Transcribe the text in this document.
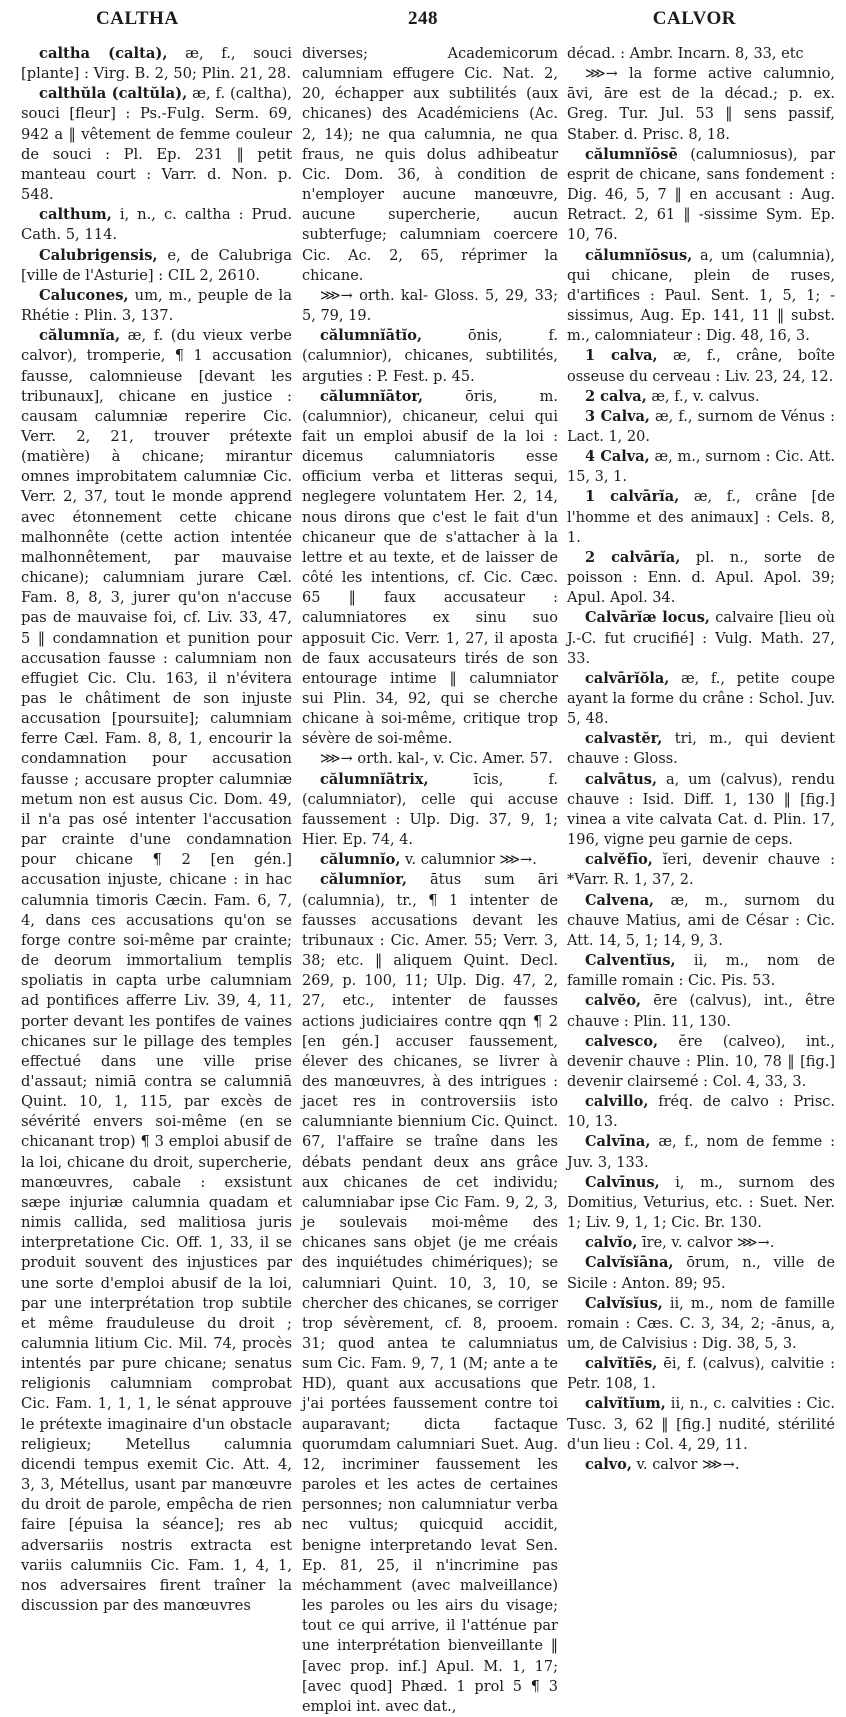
CALTHA	248	CALVOR

caltha (calta), æ, f., souci [plante] : Virg. B. 2, 50; Plin. 21, 28.

calthŭla (caltŭla), æ, f. (caltha), souci [fleur] : Ps.-Fulg. Serm. 69, 942 a ‖ vêtement de femme couleur de souci : Pl. Ep. 231 ‖ petit manteau court : Varr. d. Non. p. 548.

calthum, i, n., c. caltha : Prud. Cath. 5, 114.

Calubrigensis, e, de Calubriga [ville de l'Asturie] : CIL 2, 2610.

Calucones, um, m., peuple de la Rhétie : Plin. 3, 137.

călumnĭa, æ, f. (du vieux verbe calvor), tromperie, ¶ 1 accusation fausse, calomnieuse [devant les tribunaux], chicane en justice : causam calumniæ reperire Cic. Verr. 2, 21, trouver prétexte (matière) à chicane; mirantur omnes improbitatem calumniæ Cic. Verr. 2, 37, tout le monde apprend avec étonnement cette chicane malhonnête (cette action intentée malhonnêtement, par mauvaise chicane); calumniam jurare Cæl. Fam. 8, 8, 3, jurer qu'on n'accuse pas de mauvaise foi, cf. Liv. 33, 47, 5 ‖ condamnation et punition pour accusation fausse : calumniam non effugiet Cic. Clu. 163, il n'évitera pas le châtiment de son injuste accusation [poursuite]; calumniam ferre Cæl. Fam. 8, 8, 1, encourir la condamnation pour accusation fausse ; accusare propter calumniæ metum non est ausus Cic. Dom. 49, il n'a pas osé intenter l'accusation par crainte d'une condamnation pour chicane ¶ 2 [en gén.] accusation injuste, chicane : in hac calumnia timoris Cæcin. Fam. 6, 7, 4, dans ces accusations qu'on se forge contre soi-même par crainte; de deorum immortalium templis spoliatis in capta urbe calumniam ad pontifices afferre Liv. 39, 4, 11, porter devant les pontifes de vaines chicanes sur le pillage des temples effectué dans une ville prise d'assaut; nimiā contra se calumniā Quint. 10, 1, 115, par excès de sévérité envers soi-même (en se chicanant trop) ¶ 3 emploi abusif de la loi, chicane du droit, supercherie, manœuvres, cabale : exsistunt sæpe injuriæ calumnia quadam et nimis callida, sed malitiosa juris interpretatione Cic. Off. 1, 33, il se produit souvent des injustices par une sorte d'emploi abusif de la loi, par une interprétation trop subtile et même frauduleuse du droit ; calumnia litium Cic. Mil. 74, procès intentés par pure chicane; senatus religionis calumniam comprobat Cic. Fam. 1, 1, 1, le sénat approuve le prétexte imaginaire d'un obstacle religieux; Metellus calumnia dicendi tempus exemit Cic. Att. 4, 3, 3, Métellus, usant par manœuvre du droit de parole, empêcha de rien faire [épuisa la séance]; res ab adversariis nostris extracta est variis calumniis Cic. Fam. 1, 4, 1, nos adversaires firent traîner la discussion par des manœuvres

diverses; Academicorum calumniam effugere Cic. Nat. 2, 20, échapper aux subtilités (aux chicanes) des Académiciens (Ac. 2, 14); ne qua calumnia, ne qua fraus, ne quis dolus adhibeatur Cic. Dom. 36, à condition de n'employer aucune manœuvre, aucune supercherie, aucun subterfuge; calumniam coercere Cic. Ac. 2, 65, réprimer la chicane.

⋙→ orth. kal- Gloss. 5, 29, 33; 5, 79, 19.

călumnĭātĭo, ōnis, f. (calumnior), chicanes, subtilités, arguties : P. Fest. p. 45.

călumnĭātor, ōris, m. (calumnior), chicaneur, celui qui fait un emploi abusif de la loi : dicemus calumniatoris esse officium verba et litteras sequi, neglegere voluntatem Her. 2, 14, nous dirons que c'est le fait d'un chicaneur que de s'attacher à la lettre et au texte, et de laisser de côté les intentions, cf. Cic. Cæc. 65 ‖ faux accusateur : calumniatores ex sinu suo apposuit Cic. Verr. 1, 27, il aposta de faux accusateurs tirés de son entourage intime ‖ calumniator sui Plin. 34, 92, qui se cherche chicane à soi-même, critique trop sévère de soi-même.

⋙→ orth. kal-, v. Cic. Amer. 57.

călumnĭātrix, īcis, f. (calumniator), celle qui accuse faussement : Ulp. Dig. 37, 9, 1; Hier. Ep. 74, 4.

călumnĭo, v. calumnior ⋙→.

călumnĭor, ātus sum āri (calumnia), tr., ¶ 1 intenter de fausses accusations devant les tribunaux : Cic. Amer. 55; Verr. 3, 38; etc. ‖ aliquem Quint. Decl. 269, p. 100, 11; Ulp. Dig. 47, 2, 27, etc., intenter de fausses actions judiciaires contre qqn ¶ 2 [en gén.] accuser faussement, élever des chicanes, se livrer à des manœuvres, à des intrigues : jacet res in controversiis isto calumniante biennium Cic. Quinct. 67, l'affaire se traîne dans les débats pendant deux ans grâce aux chicanes de cet individu; calumniabar ipse Cic Fam. 9, 2, 3, je soulevais moi-même des chicanes sans objet (je me créais des inquiétudes chimériques); se calumniari Quint. 10, 3, 10, se chercher des chicanes, se corriger trop sévèrement, cf. 8, prooem. 31; quod antea te calumniatus sum Cic. Fam. 9, 7, 1 (M; ante a te HD), quant aux accusations que j'ai portées faussement contre toi auparavant; dicta factaque quorumdam calumniari Suet. Aug. 12, incriminer faussement les paroles et les actes de certaines personnes; non calumniatur verba nec vultus; quicquid accidit, benigne interpretando levat Sen. Ep. 81, 25, il n'incrimine pas méchamment (avec malveillance) les paroles ou les airs du visage; tout ce qui arrive, il l'atténue par une interprétation bienveillante ‖ [avec prop. inf.] Apul. M. 1, 17; [avec quod] Phæd. 1 prol 5 ¶ 3 emploi int. avec dat.,

décad. : Ambr. Incarn. 8, 33, etc

⋙→ la forme active calumnio, āvi, āre est de la décad.; p. ex. Greg. Tur. Jul. 53 ‖ sens passif, Staber. d. Prisc. 8, 18.

călumnĭōsē (calumniosus), par esprit de chicane, sans fondement : Dig. 46, 5, 7 ‖ en accusant : Aug. Retract. 2, 61 ‖ -sissime Sym. Ep. 10, 76.

călumnĭōsus, a, um (calumnia), qui chicane, plein de ruses, d'artifices : Paul. Sent. 1, 5, 1; -sissimus, Aug. Ep. 141, 11 ‖ subst. m., calomniateur : Dig. 48, 16, 3.

1 calva, æ, f., crâne, boîte osseuse du cerveau : Liv. 23, 24, 12.

2 calva, æ, f., v. calvus.

3 Calva, æ, f., surnom de Vénus : Lact. 1, 20.

4 Calva, æ, m., surnom : Cic. Att. 15, 3, 1.

1 calvārĭa, æ, f., crâne [de l'homme et des animaux] : Cels. 8, 1.

2 calvārĭa, pl. n., sorte de poisson : Enn. d. Apul. Apol. 39; Apul. Apol. 34.

Calvārĭæ locus, calvaire [lieu où J.-C. fut crucifié] : Vulg. Math. 27, 33.

calvārĭŏla, æ, f., petite coupe ayant la forme du crâne : Schol. Juv. 5, 48.

calvastĕr, tri, m., qui devient chauve : Gloss.

calvātus, a, um (calvus), rendu chauve : Isid. Diff. 1, 130 ‖ [fig.] vinea a vite calvata Cat. d. Plin. 17, 196, vigne peu garnie de ceps.

calvĕfīo, ĭeri, devenir chauve : *Varr. R. 1, 37, 2.

Calvena, æ, m., surnom du chauve Matius, ami de César : Cic. Att. 14, 5, 1; 14, 9, 3.

Calventĭus, ii, m., nom de famille romain : Cic. Pis. 53.

calvĕo, ēre (calvus), int., être chauve : Plin. 11, 130.

calvesco, ĕre (calveo), int., devenir chauve : Plin. 10, 78 ‖ [fig.] devenir clairsemé : Col. 4, 33, 3.

calvillo, fréq. de calvo : Prisc. 10, 13.

Calvīna, æ, f., nom de femme : Juv. 3, 133.

Calvīnus, i, m., surnom des Domitius, Veturius, etc. : Suet. Ner. 1; Liv. 9, 1, 1; Cic. Br. 130.

calvĭo, īre, v. calvor ⋙→.

Calvĭsĭāna, ōrum, n., ville de Sicile : Anton. 89; 95.

Calvĭsĭus, ii, m., nom de famille romain : Cæs. C. 3, 34, 2; -ānus, a, um, de Calvisius : Dig. 38, 5, 3.

calvĭtĭēs, ēi, f. (calvus), calvitie : Petr. 108, 1.

calvĭtĭum, ii, n., c. calvities : Cic. Tusc. 3, 62 ‖ [fig.] nudité, stérilité d'un lieu : Col. 4, 29, 11.

calvo, v. calvor ⋙→.
